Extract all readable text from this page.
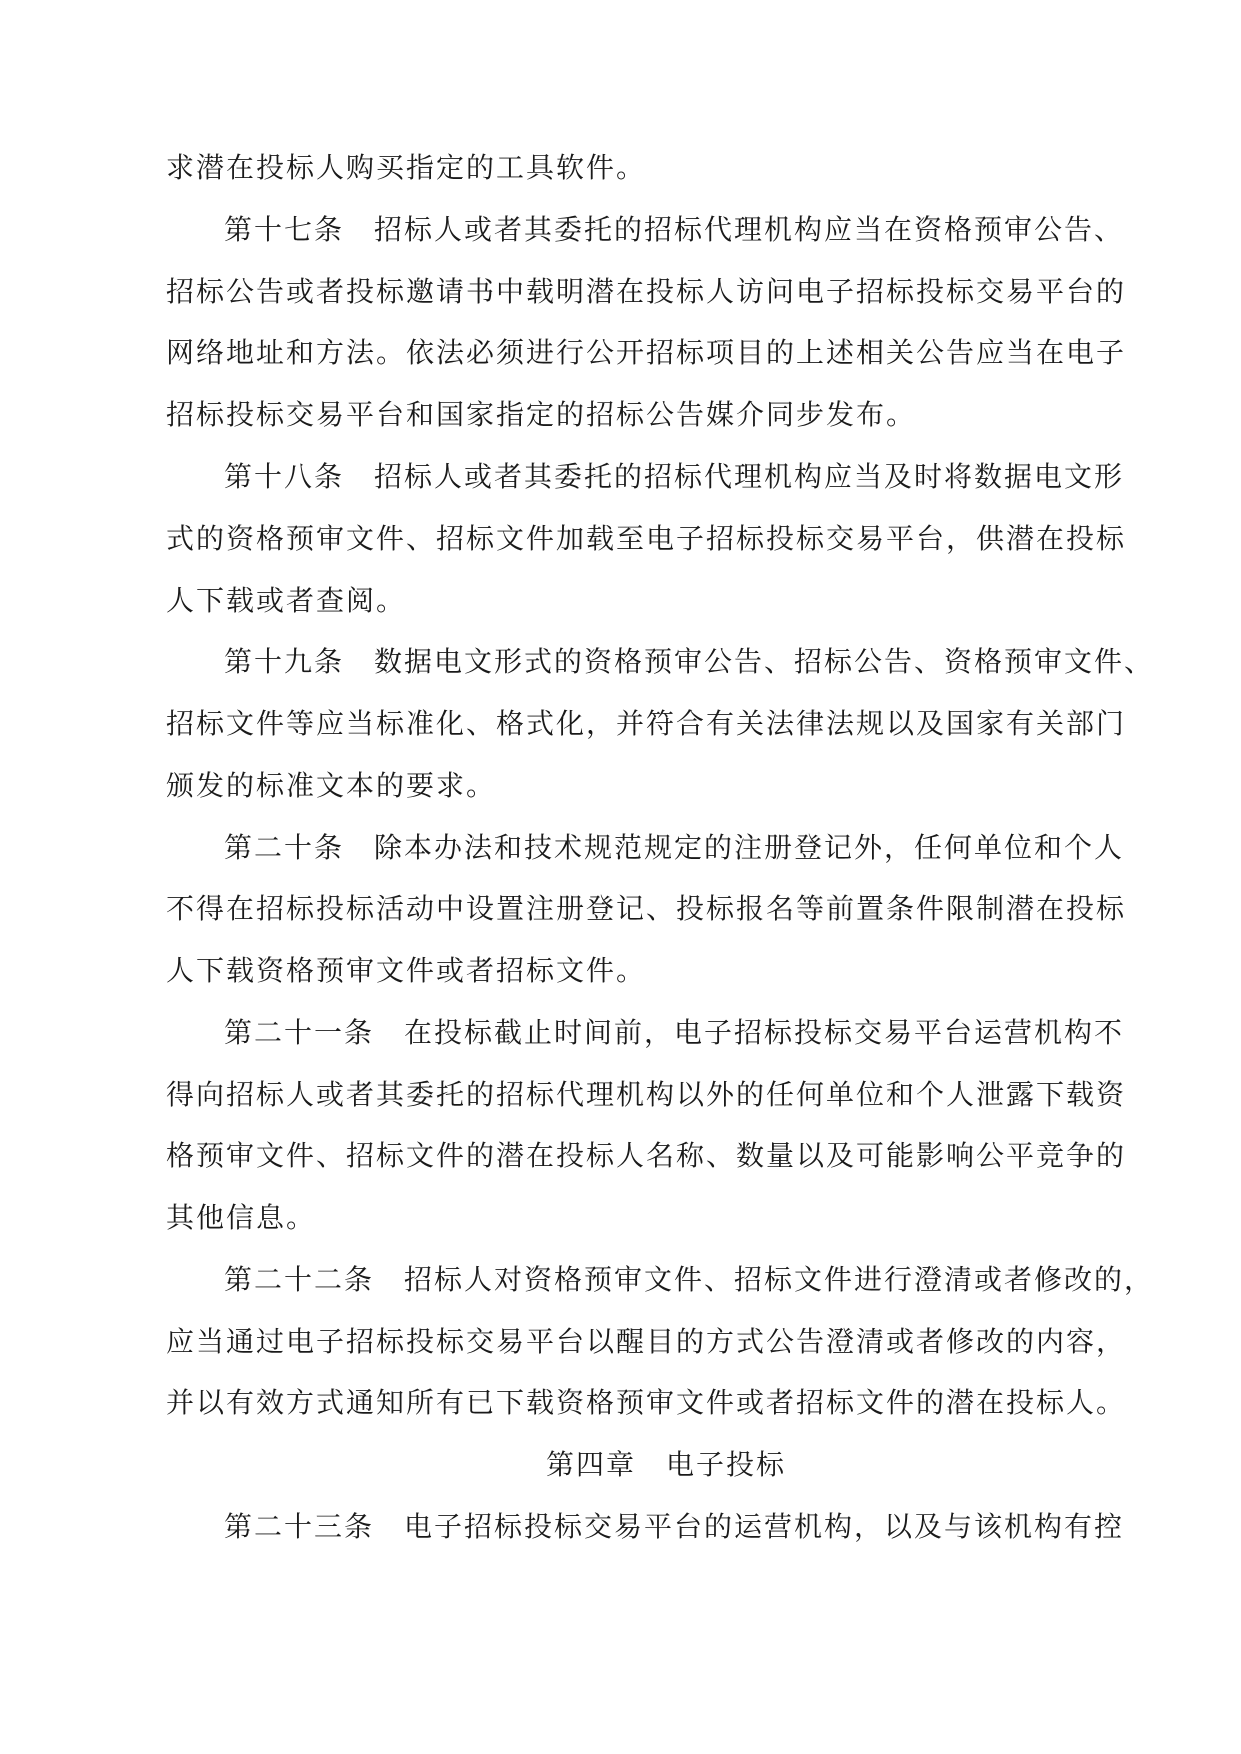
求潜在投标人购买指定的工具软件。
第十七条　招标人或者其委托的招标代理机构应当在资格预审公告、
招标公告或者投标邀请书中载明潜在投标人访问电子招标投标交易平台的
网络地址和方法。依法必须进行公开招标项目的上述相关公告应当在电子
招标投标交易平台和国家指定的招标公告媒介同步发布。
第十八条　招标人或者其委托的招标代理机构应当及时将数据电文形
式的资格预审文件、招标文件加载至电子招标投标交易平台，供潜在投标
人下载或者查阅。
第十九条　数据电文形式的资格预审公告、招标公告、资格预审文件、
招标文件等应当标准化、格式化，并符合有关法律法规以及国家有关部门
颁发的标准文本的要求。
第二十条　除本办法和技术规范规定的注册登记外，任何单位和个人
不得在招标投标活动中设置注册登记、投标报名等前置条件限制潜在投标
人下载资格预审文件或者招标文件。
第二十一条　在投标截止时间前，电子招标投标交易平台运营机构不
得向招标人或者其委托的招标代理机构以外的任何单位和个人泄露下载资
格预审文件、招标文件的潜在投标人名称、数量以及可能影响公平竞争的
其他信息。
第二十二条　招标人对资格预审文件、招标文件进行澄清或者修改的，
应当通过电子招标投标交易平台以醒目的方式公告澄清或者修改的内容，
并以有效方式通知所有已下载资格预审文件或者招标文件的潜在投标人。
第四章　电子投标
第二十三条　电子招标投标交易平台的运营机构，以及与该机构有控
